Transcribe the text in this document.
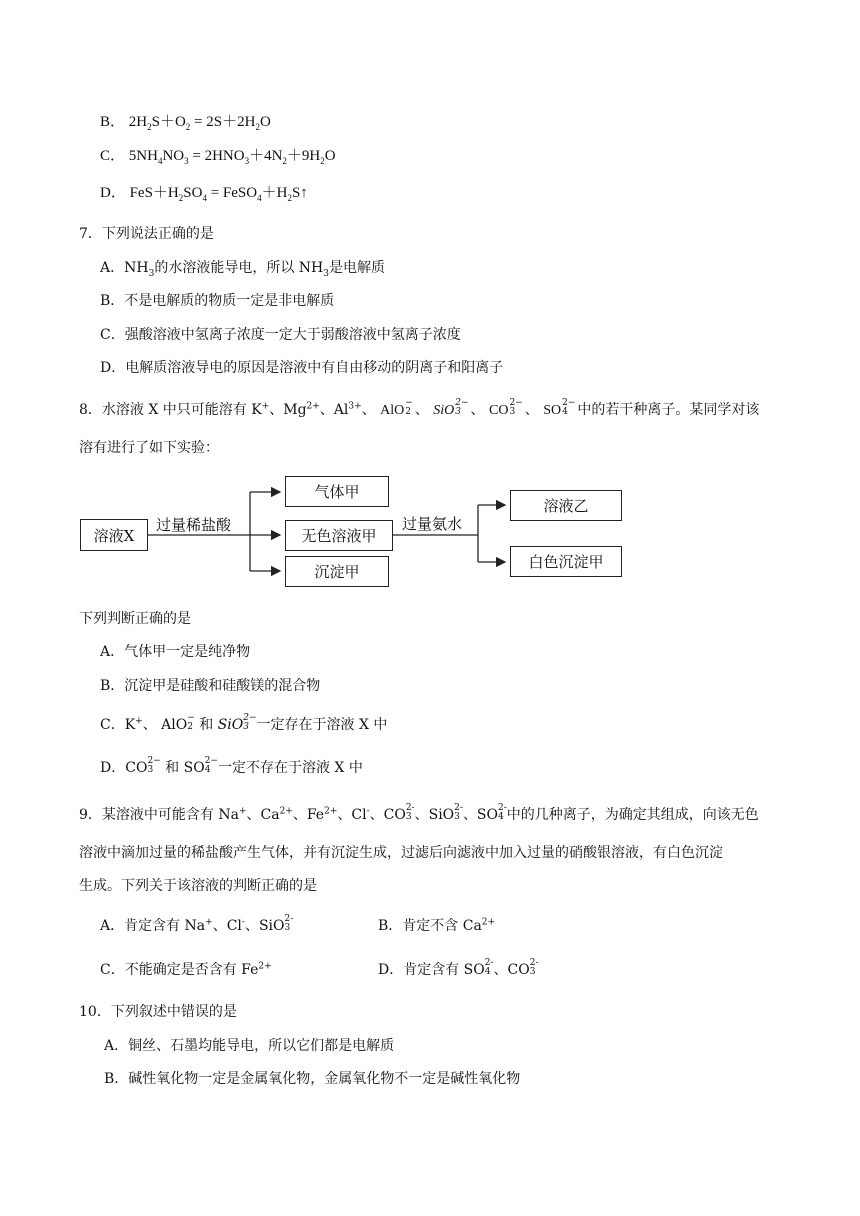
B． $2H_2S+O_2 = 2S+2H_2O$
C． $5NH_4NO_3 = 2HNO_3+4N_2+9H_2O$
D． $FeS+H_2SO_4$ = $FeSO_4+H_2S↑$
7．下列说法正确的是
A．$NH_3$的水溶液能导电，所以 $NH_3$是电解质
B．不是电解质的物质一定是非电解质
C．强酸溶液中氢离子浓度一定大于弱酸溶液中氢离子浓度
D．电解质溶液导电的原因是溶液中有自由移动的阴离子和阳离子
8．水溶液 X 中只可能溶有 K+、$Mg^{2+}$、$Al^{3+}$、 AlO −
2 、 SiO 2−
3 、 CO 2−
3 、 SO 2−
4 中的若干种离子。某同学对该
溶有进行了如下实验：
溶液X
过量稀盐酸
气体甲
无色溶液甲
沉淀甲
过量氨水
溶液乙
白色沉淀甲
下列判断正确的是
A．气体甲一定是纯净物
B．沉淀甲是硅酸和硅酸镁的混合物
C．K+、 AlO −
2 和 SiO 2−
3 一定存在于溶液 X 中
D．CO 2−
3 和 SO 2−
4 一定不存在于溶液 X 中
9．某溶液中可能含有 Na+、$Ca^{2+}$、$Fe^{2+}$、Cl-、CO 2-
3 、SiO 2-
3 、SO 2-
4 中的几种离子，为确定其组成，向该无色
溶液中滴加过量的稀盐酸产生气体，并有沉淀生成，过滤后向滤液中加入过量的硝酸银溶液，有白色沉淀
生成。下列关于该溶液的判断正确的是
A．肯定含有 Na+、Cl-、SiO 2-
3	B．肯定不含 $Ca^{2+}$
C．不能确定是否含有 $Fe^{2+}$	D．肯定含有 SO 2-
4 、CO 2-
3
10．下列叙述中错误的是
A．铜丝、石墨均能导电，所以它们都是电解质
B．碱性氧化物一定是金属氧化物，金属氧化物不一定是碱性氧化物
